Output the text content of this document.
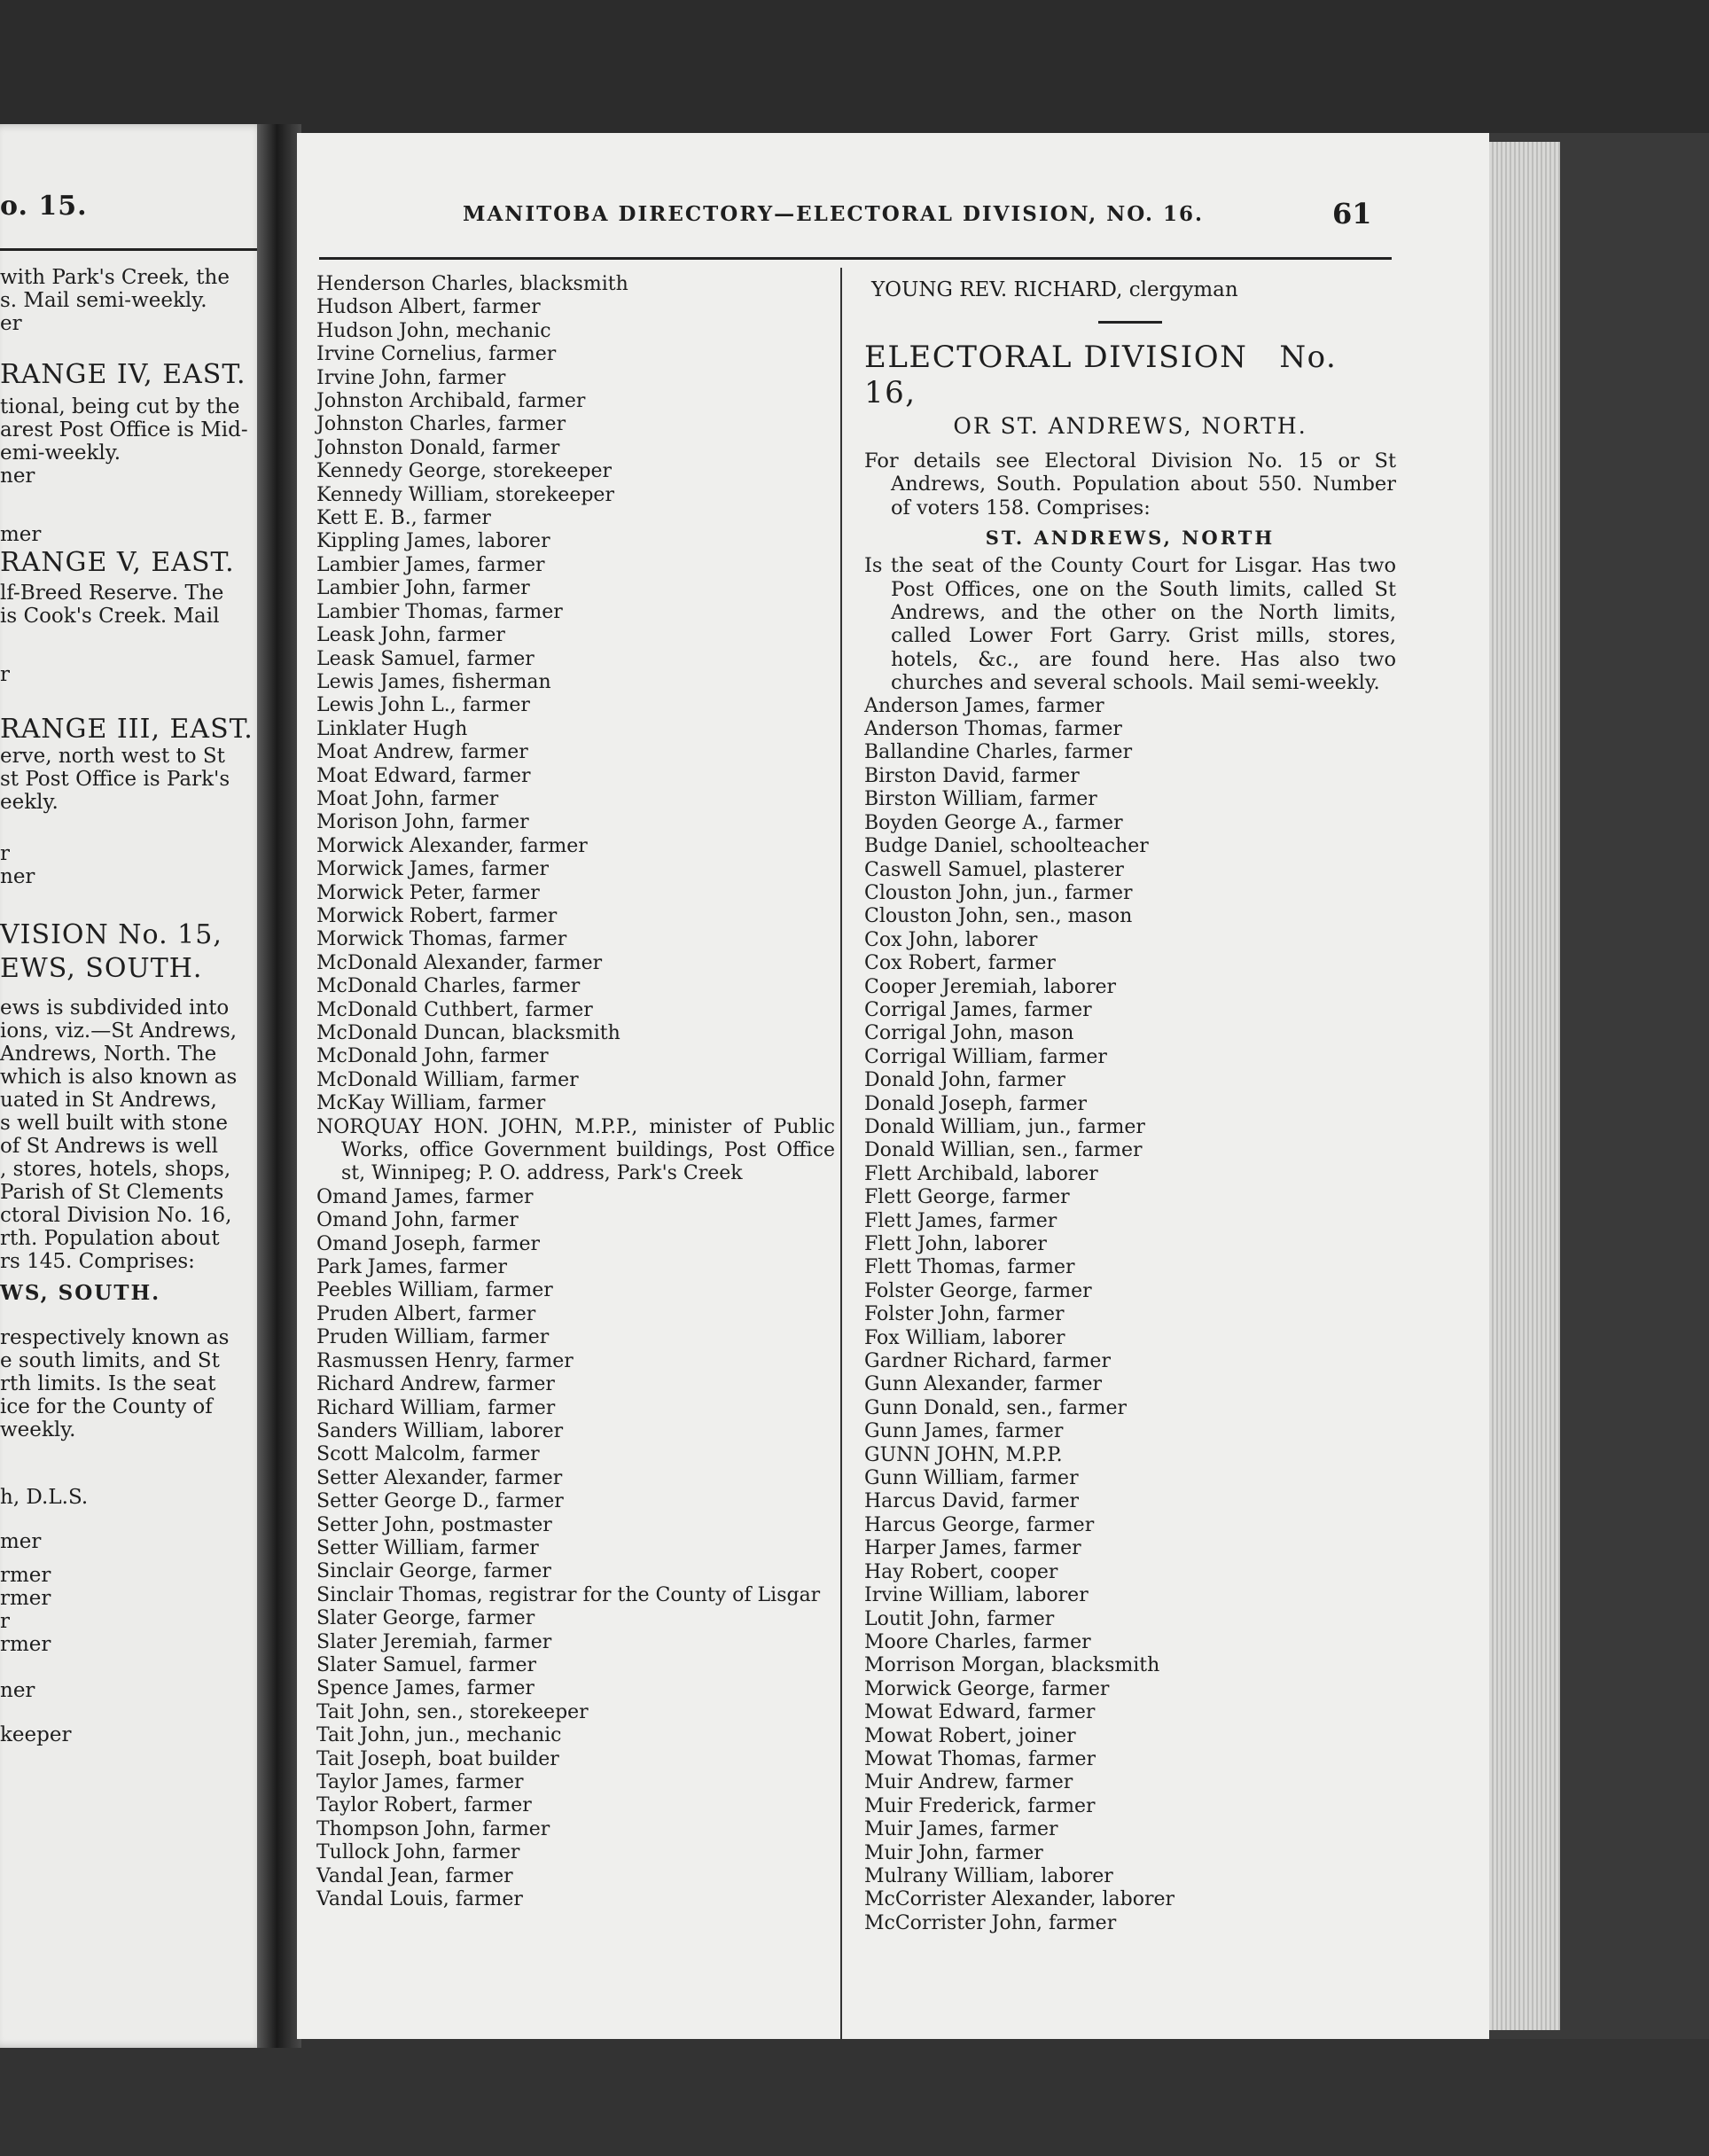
o. 15.
with Park's Creek, the
s. Mail semi-weekly.
er
RANGE IV, EAST.
tional, being cut by the
arest Post Office is Mid-
emi-weekly.
ner
mer
RANGE V, EAST.
lf-Breed Reserve. The
is Cook's Creek. Mail
r
RANGE III, EAST.
erve, north west to St
st Post Office is Park's
eekly.
r
ner
VISION No. 15,
EWS, SOUTH.
ews is subdivided into
ions, viz.—St Andrews,
Andrews, North. The
which is also known as
uated in St Andrews,
s well built with stone
of St Andrews is well
, stores, hotels, shops,
Parish of St Clements
ctoral Division No. 16,
rth. Population about
rs 145. Comprises:
WS, SOUTH.
respectively known as
e south limits, and St
rth limits. Is the seat
ice for the County of
weekly.
h, D.L.S.
mer
rmer
rmer
r
rmer
ner
keeper
MANITOBA DIRECTORY—ELECTORAL DIVISION, NO. 16.	61
Henderson Charles, blacksmith
Hudson Albert, farmer
Hudson John, mechanic
Irvine Cornelius, farmer
Irvine John, farmer
Johnston Archibald, farmer
Johnston Charles, farmer
Johnston Donald, farmer
Kennedy George, storekeeper
Kennedy William, storekeeper
Kett E. B., farmer
Kippling James, laborer
Lambier James, farmer
Lambier John, farmer
Lambier Thomas, farmer
Leask John, farmer
Leask Samuel, farmer
Lewis James, fisherman
Lewis John L., farmer
Linklater Hugh
Moat Andrew, farmer
Moat Edward, farmer
Moat John, farmer
Morison John, farmer
Morwick Alexander, farmer
Morwick James, farmer
Morwick Peter, farmer
Morwick Robert, farmer
Morwick Thomas, farmer
McDonald Alexander, farmer
McDonald Charles, farmer
McDonald Cuthbert, farmer
McDonald Duncan, blacksmith
McDonald John, farmer
McDonald William, farmer
McKay William, farmer
NORQUAY HON. JOHN, M.P.P., minister of Public Works, office Government buildings, Post Office st, Winnipeg; P. O. address, Park's Creek
Omand James, farmer
Omand John, farmer
Omand Joseph, farmer
Park James, farmer
Peebles William, farmer
Pruden Albert, farmer
Pruden William, farmer
Rasmussen Henry, farmer
Richard Andrew, farmer
Richard William, farmer
Sanders William, laborer
Scott Malcolm, farmer
Setter Alexander, farmer
Setter George D., farmer
Setter John, postmaster
Setter William, farmer
Sinclair George, farmer
Sinclair Thomas, registrar for the County of Lisgar
Slater George, farmer
Slater Jeremiah, farmer
Slater Samuel, farmer
Spence James, farmer
Tait John, sen., storekeeper
Tait John, jun., mechanic
Tait Joseph, boat builder
Taylor James, farmer
Taylor Robert, farmer
Thompson John, farmer
Tullock John, farmer
Vandal Jean, farmer
Vandal Louis, farmer
YOUNG REV. RICHARD, clergyman
ELECTORAL DIVISION No. 16,
OR ST. ANDREWS, NORTH.
For details see Electoral Division No. 15 or St Andrews, South. Population about 550. Number of voters 158. Comprises:
ST. ANDREWS, NORTH
Is the seat of the County Court for Lisgar. Has two Post Offices, one on the South limits, called St Andrews, and the other on the North limits, called Lower Fort Garry. Grist mills, stores, hotels, &c., are found here. Has also two churches and several schools. Mail semi-weekly.
Anderson James, farmer
Anderson Thomas, farmer
Ballandine Charles, farmer
Birston David, farmer
Birston William, farmer
Boyden George A., farmer
Budge Daniel, schoolteacher
Caswell Samuel, plasterer
Clouston John, jun., farmer
Clouston John, sen., mason
Cox John, laborer
Cox Robert, farmer
Cooper Jeremiah, laborer
Corrigal James, farmer
Corrigal John, mason
Corrigal William, farmer
Donald John, farmer
Donald Joseph, farmer
Donald William, jun., farmer
Donald Willian, sen., farmer
Flett Archibald, laborer
Flett George, farmer
Flett James, farmer
Flett John, laborer
Flett Thomas, farmer
Folster George, farmer
Folster John, farmer
Fox William, laborer
Gardner Richard, farmer
Gunn Alexander, farmer
Gunn Donald, sen., farmer
Gunn James, farmer
GUNN JOHN, M.P.P.
Gunn William, farmer
Harcus David, farmer
Harcus George, farmer
Harper James, farmer
Hay Robert, cooper
Irvine William, laborer
Loutit John, farmer
Moore Charles, farmer
Morrison Morgan, blacksmith
Morwick George, farmer
Mowat Edward, farmer
Mowat Robert, joiner
Mowat Thomas, farmer
Muir Andrew, farmer
Muir Frederick, farmer
Muir James, farmer
Muir John, farmer
Mulrany William, laborer
McCorrister Alexander, laborer
McCorrister John, farmer
